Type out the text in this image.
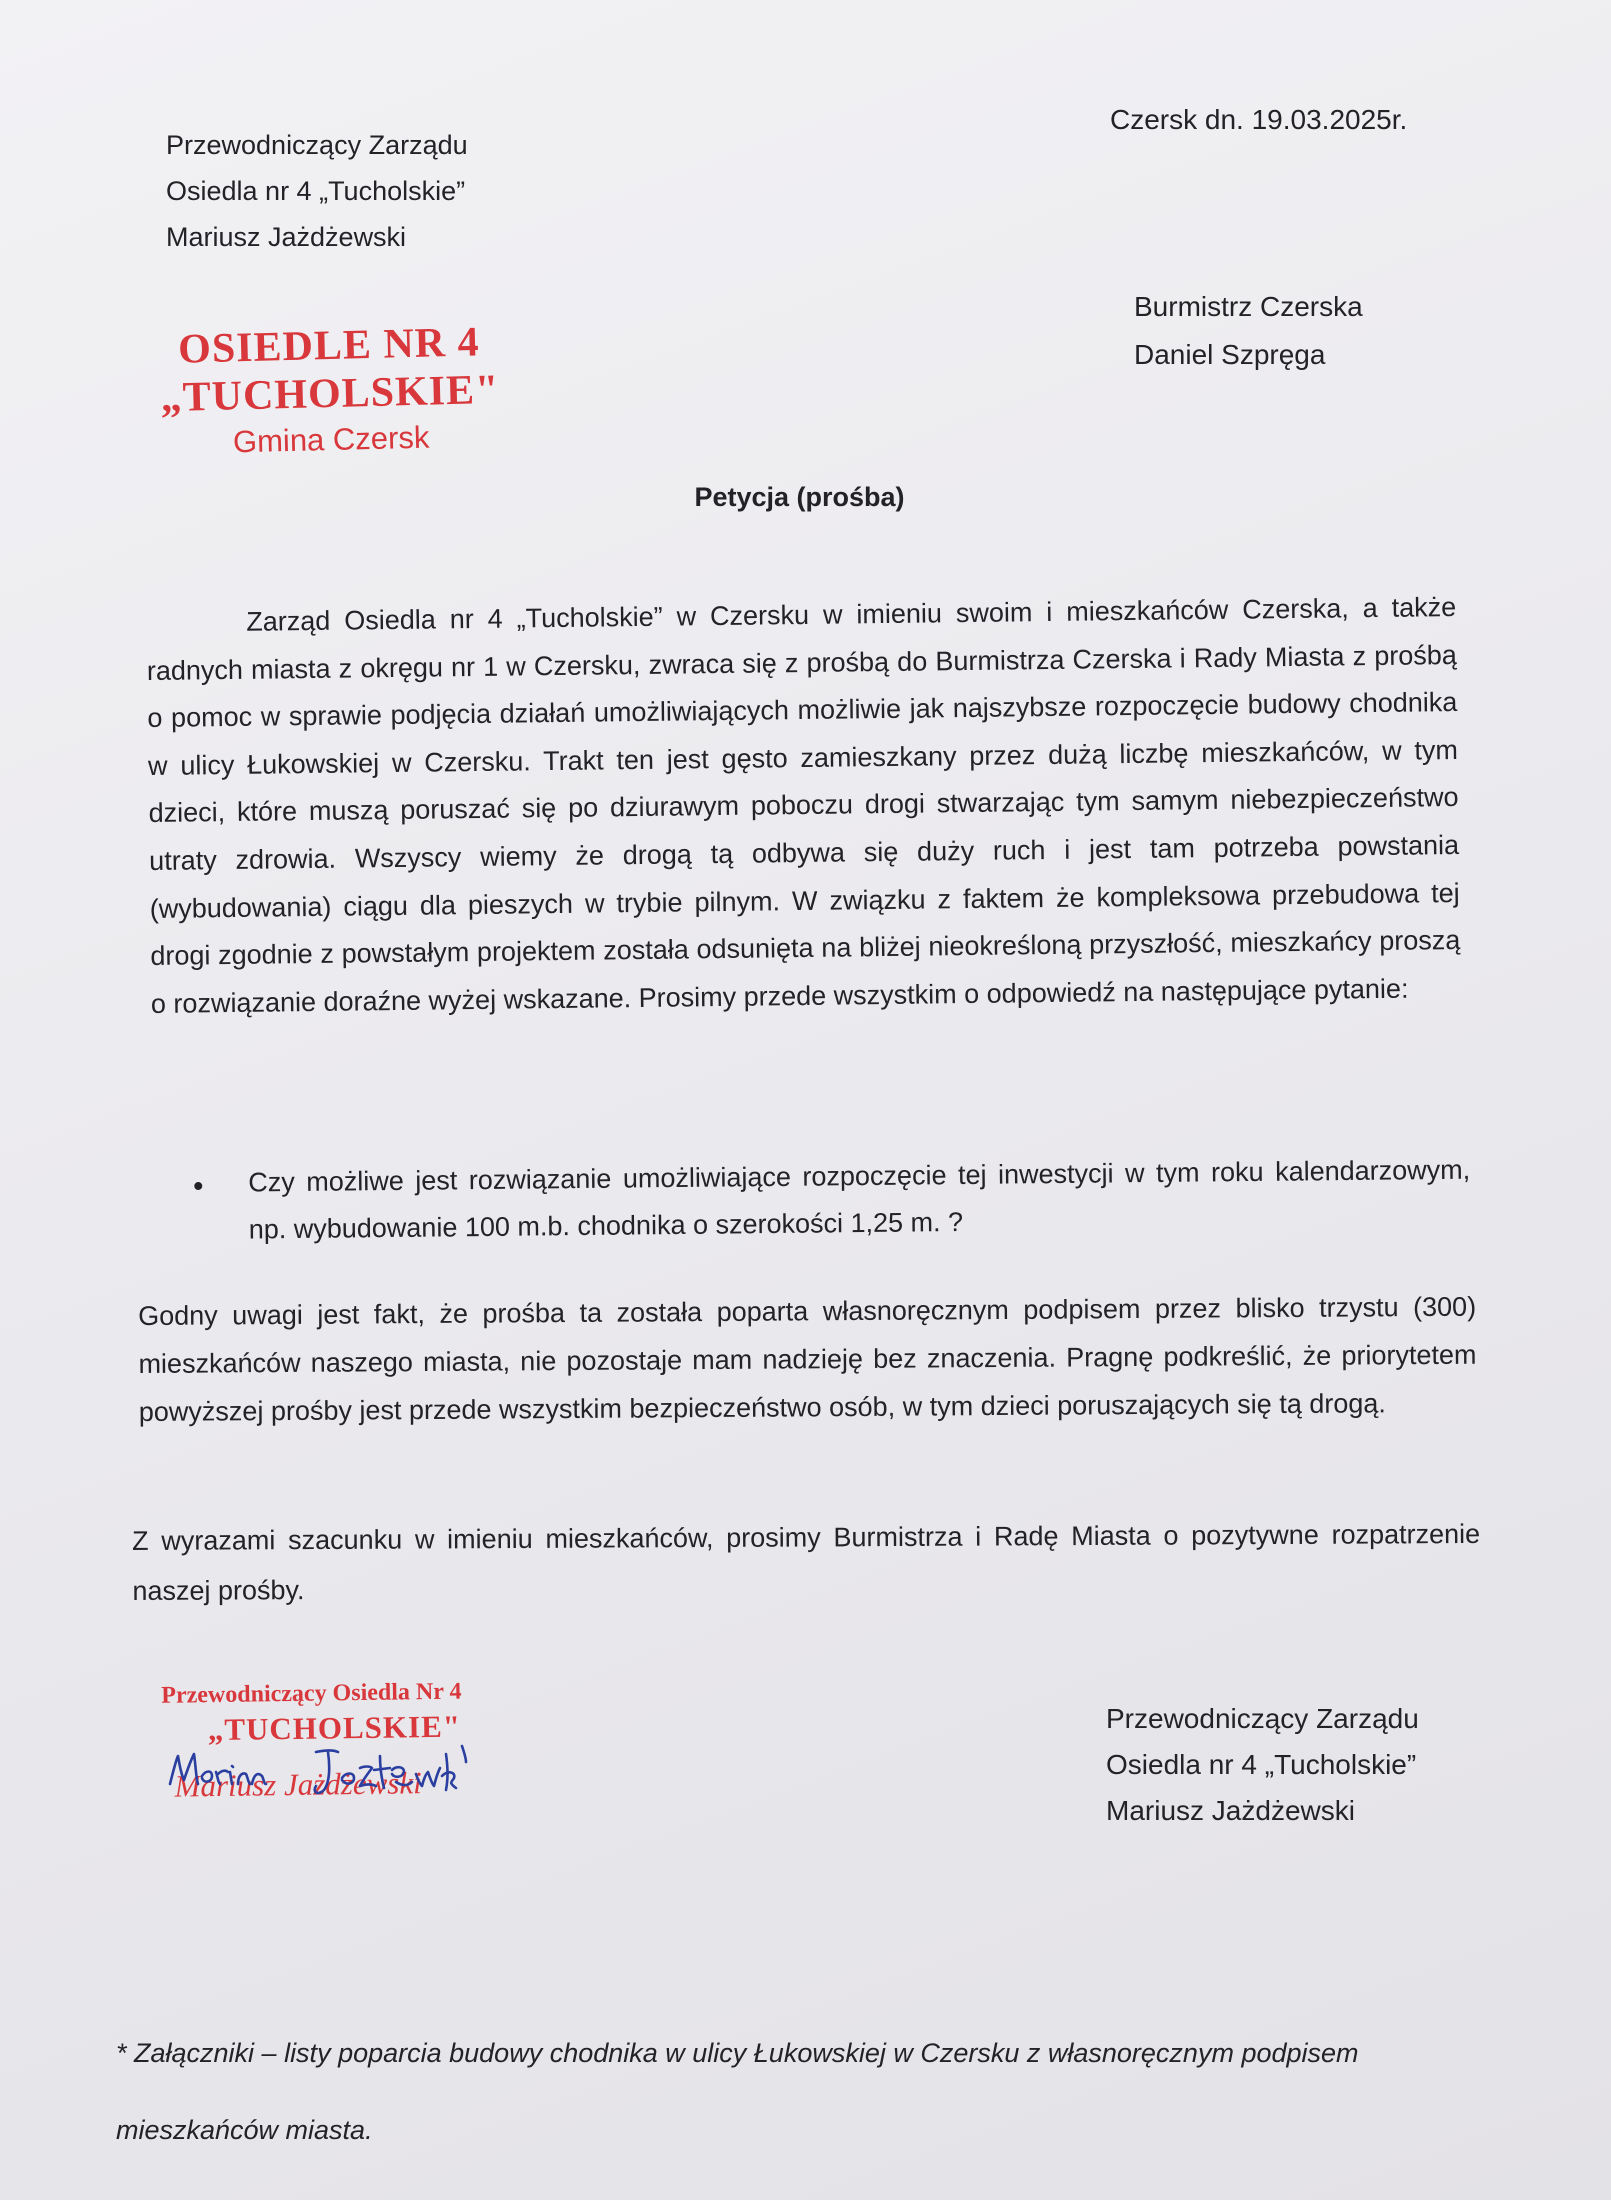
Przewodniczący Zarządu
Osiedla nr 4 „Tucholskie”
Mariusz Jażdżewski
Czersk dn. 19.03.2025r.
OSIEDLE NR 4
„TUCHOLSKIE"
Gmina Czersk
Burmistrz Czerska
Daniel Szpręga
Petycja (prośba)

Zarząd Osiedla nr 4 „Tucholskie” w Czersku w imieniu swoim i mieszkańców Czerska, a także radnych miasta z okręgu nr 1 w Czersku, zwraca się z prośbą do Burmistrza Czerska i Rady Miasta z prośbą o pomoc w sprawie podjęcia działań umożliwiających możliwie jak najszybsze rozpoczęcie budowy chodnika w ulicy Łukowskiej w Czersku. Trakt ten jest gęsto zamieszkany przez dużą liczbę mieszkańców, w tym dzieci, które muszą poruszać się po dziurawym poboczu drogi stwarzając tym samym niebezpieczeństwo utraty zdrowia. Wszyscy wiemy że drogą tą odbywa się duży ruch i jest tam potrzeba powstania (wybudowania) ciągu dla pieszych w trybie pilnym. W związku z faktem że kompleksowa przebudowa tej drogi zgodnie z powstałym projektem została odsunięta na bliżej nieokreśloną przyszłość, mieszkańcy proszą o rozwiązanie doraźne wyżej wskazane. Prosimy przede wszystkim o odpowiedź na następujące pytanie:

Czy możliwe jest rozwiązanie umożliwiające rozpoczęcie tej inwestycji w tym roku kalendarzowym, np. wybudowanie 100 m.b. chodnika o szerokości 1,25 m. ?
Godny uwagi jest fakt, że prośba ta została poparta własnoręcznym podpisem przez blisko trzystu (300) mieszkańców naszego miasta, nie pozostaje mam nadzieję bez znaczenia. Pragnę podkreślić, że priorytetem powyższej prośby jest przede wszystkim bezpieczeństwo osób, w tym dzieci poruszających się tą drogą.
Z wyrazami szacunku w imieniu mieszkańców, prosimy Burmistrza i Radę Miasta o pozytywne rozpatrzenie naszej prośby.
Przewodniczący Osiedla Nr 4
„TUCHOLSKIE"
Mariusz Jażdżewski
Przewodniczący Zarządu
Osiedla nr 4 „Tucholskie”
Mariusz Jażdżewski
* Załączniki – listy poparcia budowy chodnika w ulicy Łukowskiej w Czersku z własnoręcznym podpisem mieszkańców miasta.
